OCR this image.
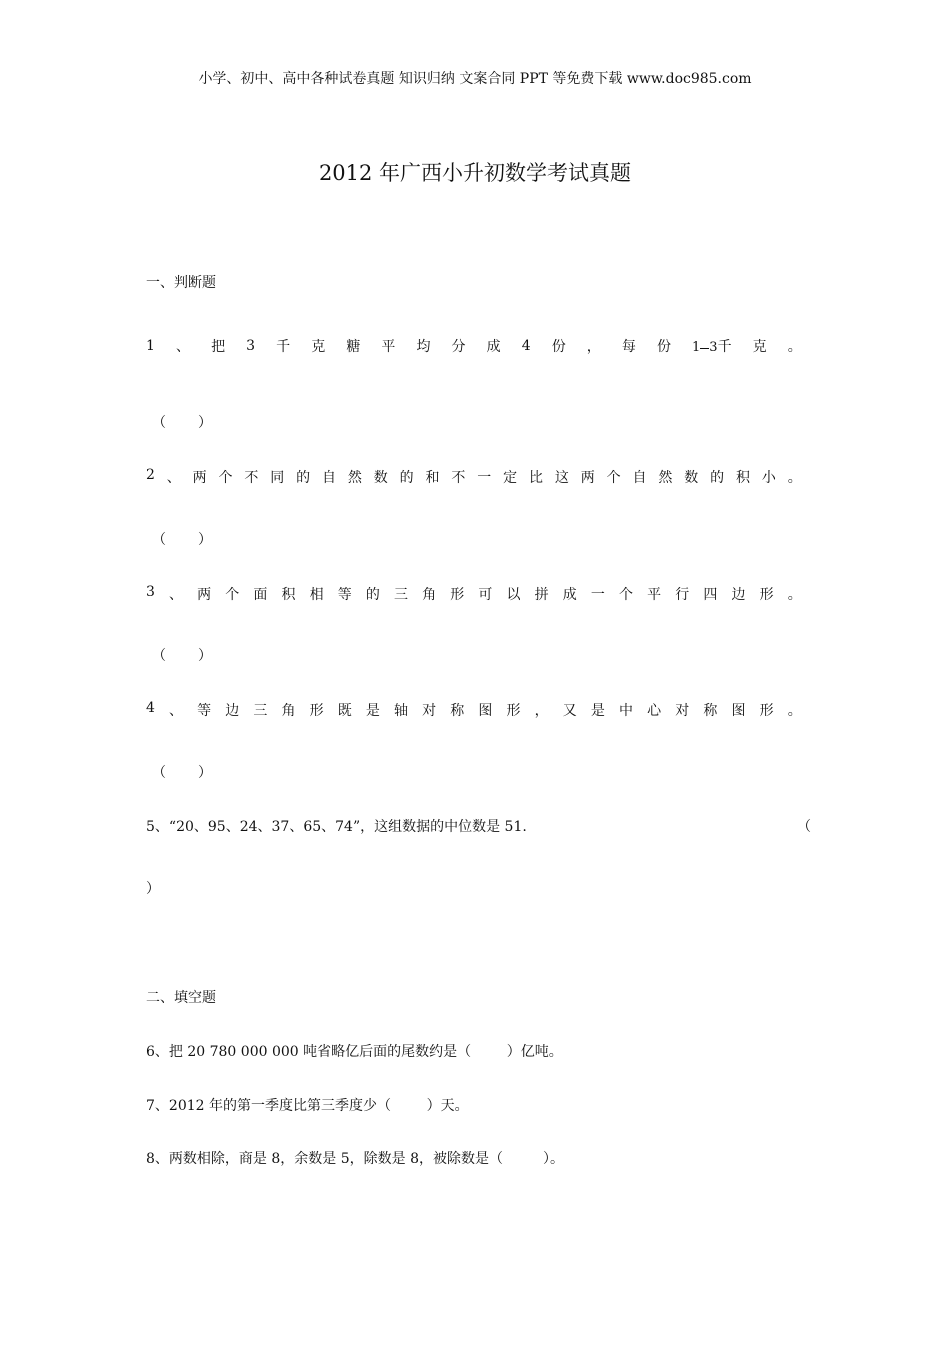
小学、初中、高中各种试卷真题 知识归纳 文案合同 PPT 等免费下载 www.doc985.com
2012 年广西小升初数学考试真题
一、判断题
1 、 把 3 千 克 糖 平 均 分 成 4 份 ， 每 份 1 3千 克 。
（ ）
2 、 两 个 不 同 的 自 然 数 的 和 不 一 定 比 这 两 个 自 然 数 的 积 小 。
（ ）
3 、 两 个 面 积 相 等 的 三 角 形 可 以 拼 成 一 个 平 行 四 边 形 。
（ ）
4 、 等 边 三 角 形 既 是 轴 对 称 图 形 ， 又 是 中 心 对 称 图 形 。
（ ）
5、“20、95、24、37、65、74”，这组数据的中位数是 51.	（
）
二、填空题
6、把 20 780 000 000 吨省略亿后面的尾数约是（        ）亿吨。
7、2012 年的第一季度比第三季度少（        ）天。
8、两数相除，商是 8，余数是 5，除数是 8，被除数是（         ）。
